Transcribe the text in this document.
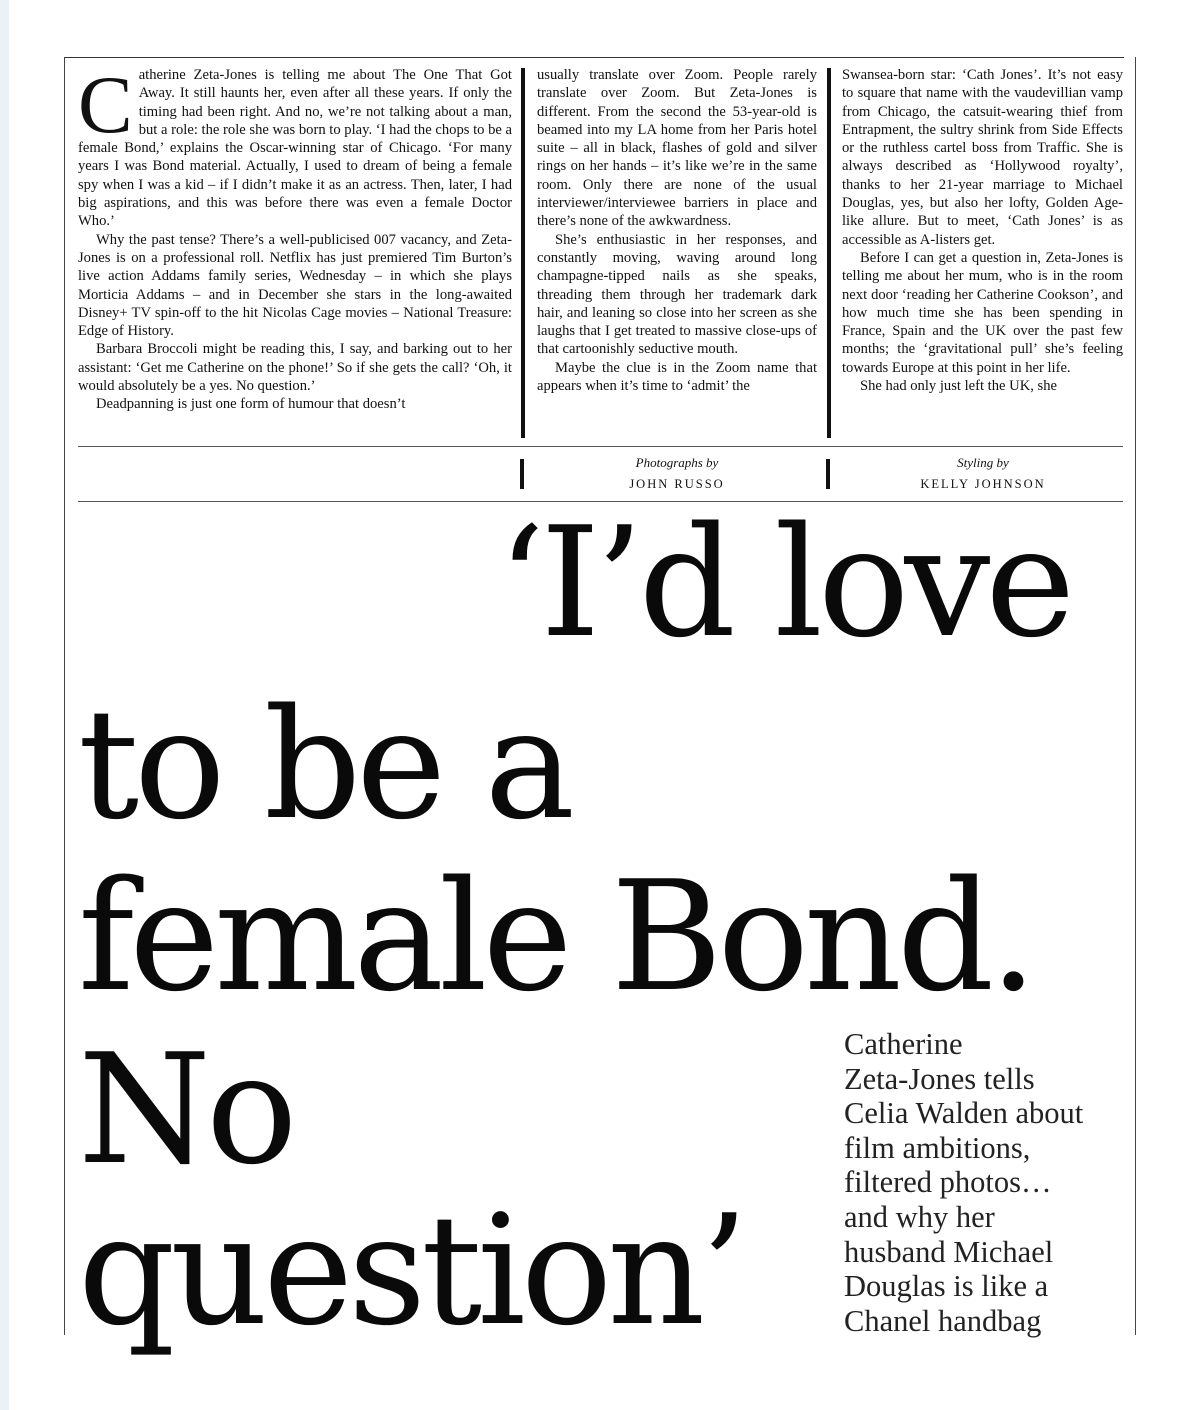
Catherine Zeta-Jones is telling me about The One That Got Away. It still haunts her, even after all these years. If only the timing had been right. And no, we’re not talking about a man, but a role: the role she was born to play. ‘I had the chops to be a female Bond,’ explains the Oscar-winning star of Chicago. ‘For many years I was Bond material. Actually, I used to dream of being a female spy when I was a kid – if I didn’t make it as an actress. Then, later, I had big aspirations, and this was before there was even a female Doctor Who.’

Why the past tense? There’s a well-publicised 007 vacancy, and Zeta-Jones is on a professional roll. Netflix has just premiered Tim Burton’s live action Addams family series, Wednesday – in which she plays Morticia Addams – and in December she stars in the long-awaited Disney+ TV spin-off to the hit Nicolas Cage movies – National Treasure: Edge of History.

Barbara Broccoli might be reading this, I say, and barking out to her assistant: ‘Get me Catherine on the phone!’ So if she gets the call? ‘Oh, it would absolutely be a yes. No question.’

Deadpanning is just one form of humour that doesn’t

usually translate over Zoom. People rarely translate over Zoom. But Zeta-Jones is different. From the second the 53-year-old is beamed into my LA home from her Paris hotel suite – all in black, flashes of gold and silver rings on her hands – it’s like we’re in the same room. Only there are none of the usual interviewer/interviewee barriers in place and there’s none of the awkwardness.

She’s enthusiastic in her responses, and constantly moving, waving around long champagne-tipped nails as she speaks, threading them through her trademark dark hair, and leaning so close into her screen as she laughs that I get treated to massive close-ups of that cartoonishly seductive mouth.

Maybe the clue is in the Zoom name that appears when it’s time to ‘admit’ the

Swansea-born star: ‘Cath Jones’. It’s not easy to square that name with the vaudevillian vamp from Chicago, the catsuit-wearing thief from Entrapment, the sultry shrink from Side Effects or the ruthless cartel boss from Traffic. She is always described as ‘Hollywood royalty’, thanks to her 21-year marriage to Michael Douglas, yes, but also her lofty, Golden Age-like allure. But to meet, ‘Cath Jones’ is as accessible as A-listers get.

Before I can get a question in, Zeta-Jones is telling me about her mum, who is in the room next door ‘reading her Catherine Cookson’, and how much time she has been spending in France, Spain and the UK over the past few months; the ‘gravitational pull’ she’s feeling towards Europe at this point in her life.

She had only just left the UK, she

Photographs by
JOHN RUSSO
Styling by
KELLY JOHNSON
‘I’d love
to be a
female Bond.
No
question’
Catherine
Zeta-Jones tells
Celia Walden about
film ambitions,
filtered photos…
and why her
husband Michael
Douglas is like a
Chanel handbag
